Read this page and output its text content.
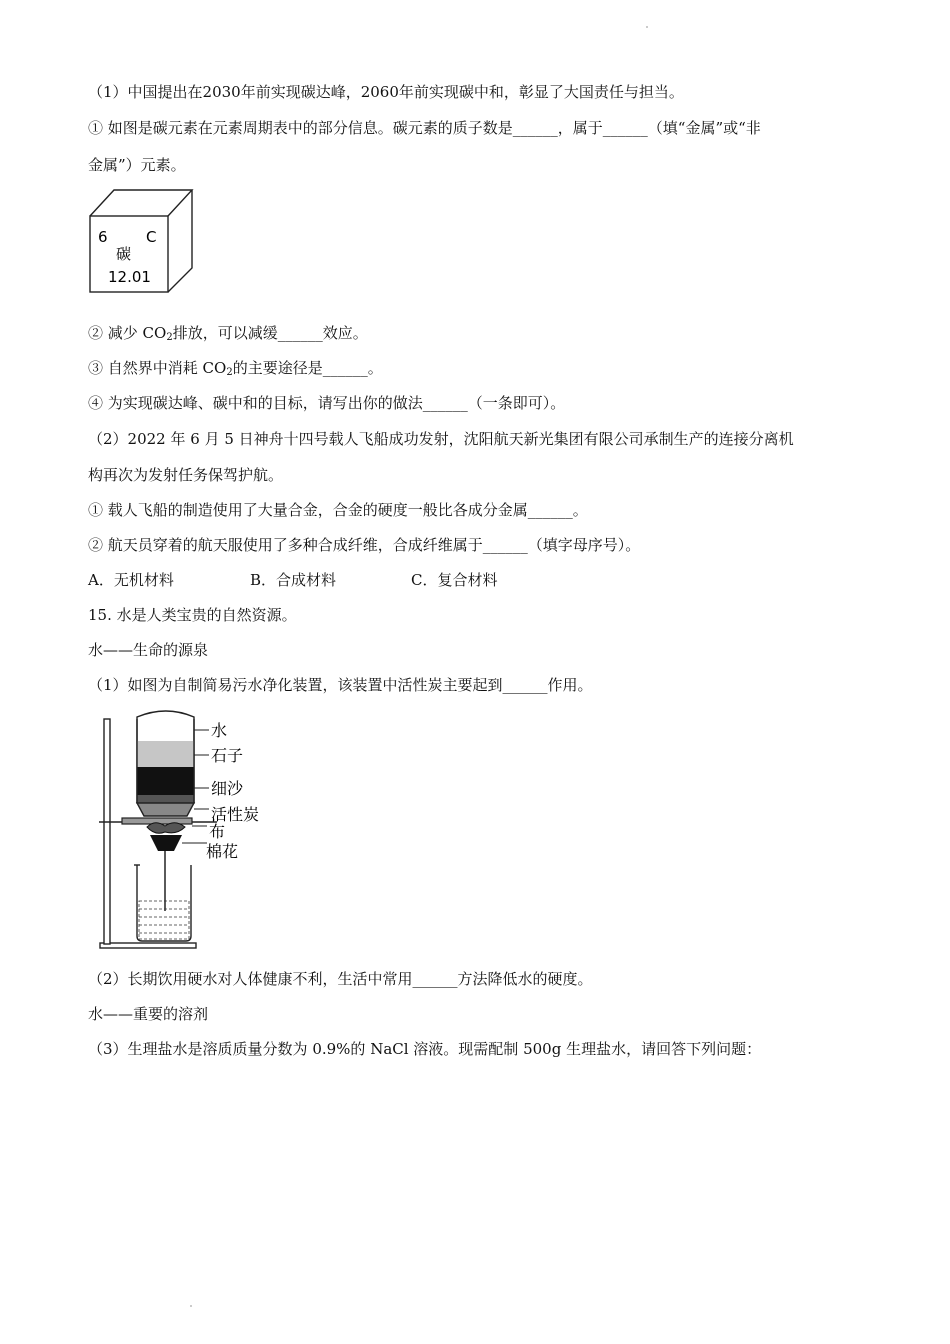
（1）中国提出在2030年前实现碳达峰，2060年前实现碳中和，彰显了大国责任与担当。
① 如图是碳元素在元素周期表中的部分信息。碳元素的质子数是______，属于______（填“金属”或“非
金属”）元素。
6	C
碳
12.01
② 减少 $CO_2$排放，可以减缓______效应。
③ 自然界中消耗 $CO_2$的主要途径是______。
④ 为实现碳达峰、碳中和的目标，请写出你的做法______（一条即可）。
（2）2022 年 6 月 5 日神舟十四号载人飞船成功发射，沈阳航天新光集团有限公司承制生产的连接分离机
构再次为发射任务保驾护航。
① 载人飞船的制造使用了大量合金，合金的硬度一般比各成分金属______。
② 航天员穿着的航天服使用了多种合成纤维，合成纤维属于______（填字母序号）。
A．无机材料	B．合成材料	C．复合材料
15. 水是人类宝贵的自然资源。
水——生命的源泉
（1）如图为自制简易污水净化装置，该装置中活性炭主要起到______作用。
水
石子
细沙
活性炭
布
棉花
（2）长期饮用硬水对人体健康不利，生活中常用______方法降低水的硬度。
水——重要的溶剂
（3）生理盐水是溶质质量分数为 0.9%的 NaCl 溶液。现需配制 500g 生理盐水，请回答下列问题：
